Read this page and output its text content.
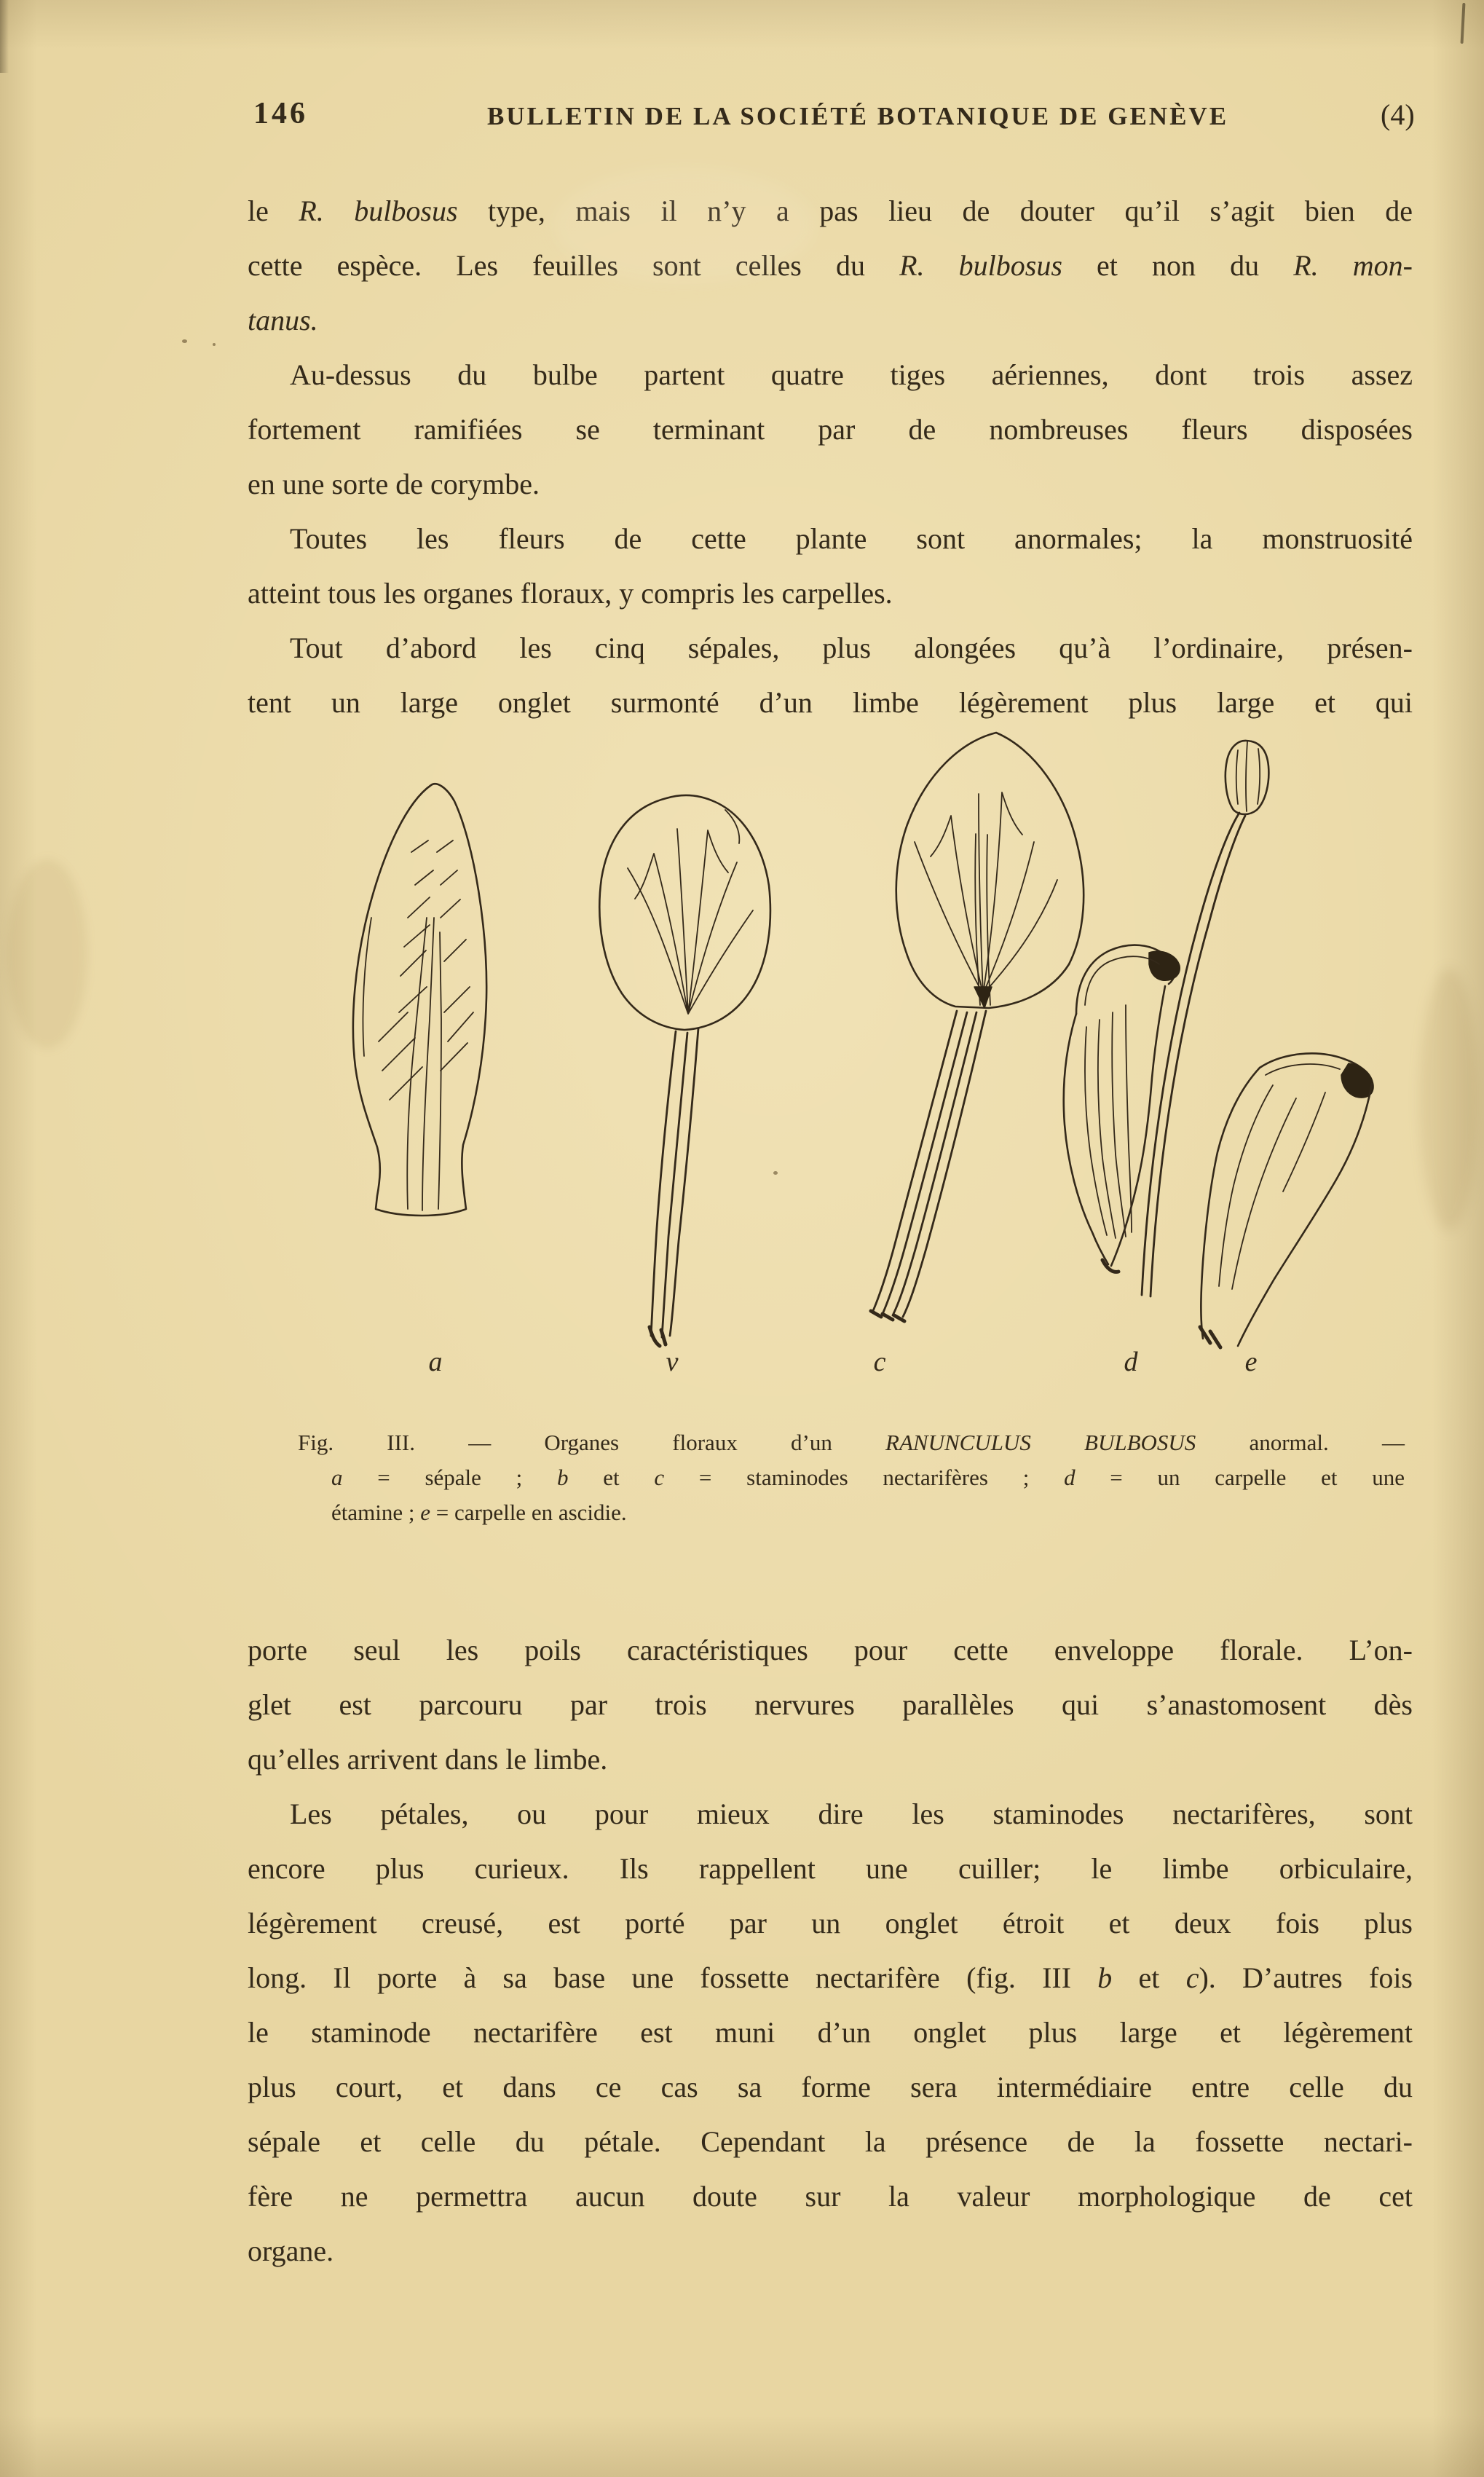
146	BULLETIN DE LA SOCIÉTÉ BOTANIQUE DE GENÈVE	(4)
le R. bulbosus type, mais il n’y a pas lieu de douter qu’il s’agit bien de
cette espèce. Les feuilles sont celles du R. bulbosus et non du R. mon-
tanus.
Au-dessus du bulbe partent quatre tiges aériennes, dont trois assez
fortement ramifiées se terminant par de nombreuses fleurs disposées
en une sorte de corymbe.
Toutes les fleurs de cette plante sont anormales; la monstruosité
atteint tous les organes floraux, y compris les carpelles.
Tout d’abord les cinq sépales, plus alongées qu’à l’ordinaire, présen-
tent un large onglet surmonté d’un limbe légèrement plus large et qui
a	v	c	d	e
Fig. III. — Organes floraux d’un RANUNCULUS BULBOSUS anormal. —
a = sépale ; b et c = staminodes nectarifères ; d = un carpelle et une
étamine ; e = carpelle en ascidie.
porte seul les poils caractéristiques pour cette enveloppe florale. L’on-
glet est parcouru par trois nervures parallèles qui s’anastomosent dès
qu’elles arrivent dans le limbe.
Les pétales, ou pour mieux dire les staminodes nectarifères, sont
encore plus curieux. Ils rappellent une cuiller; le limbe orbiculaire,
légèrement creusé, est porté par un onglet étroit et deux fois plus
long. Il porte à sa base une fossette nectarifère (fig. III b et c). D’autres fois
le staminode nectarifère est muni d’un onglet plus large et légèrement
plus court, et dans ce cas sa forme sera intermédiaire entre celle du
sépale et celle du pétale. Cependant la présence de la fossette nectari-
fère ne permettra aucun doute sur la valeur morphologique de cet
organe.
